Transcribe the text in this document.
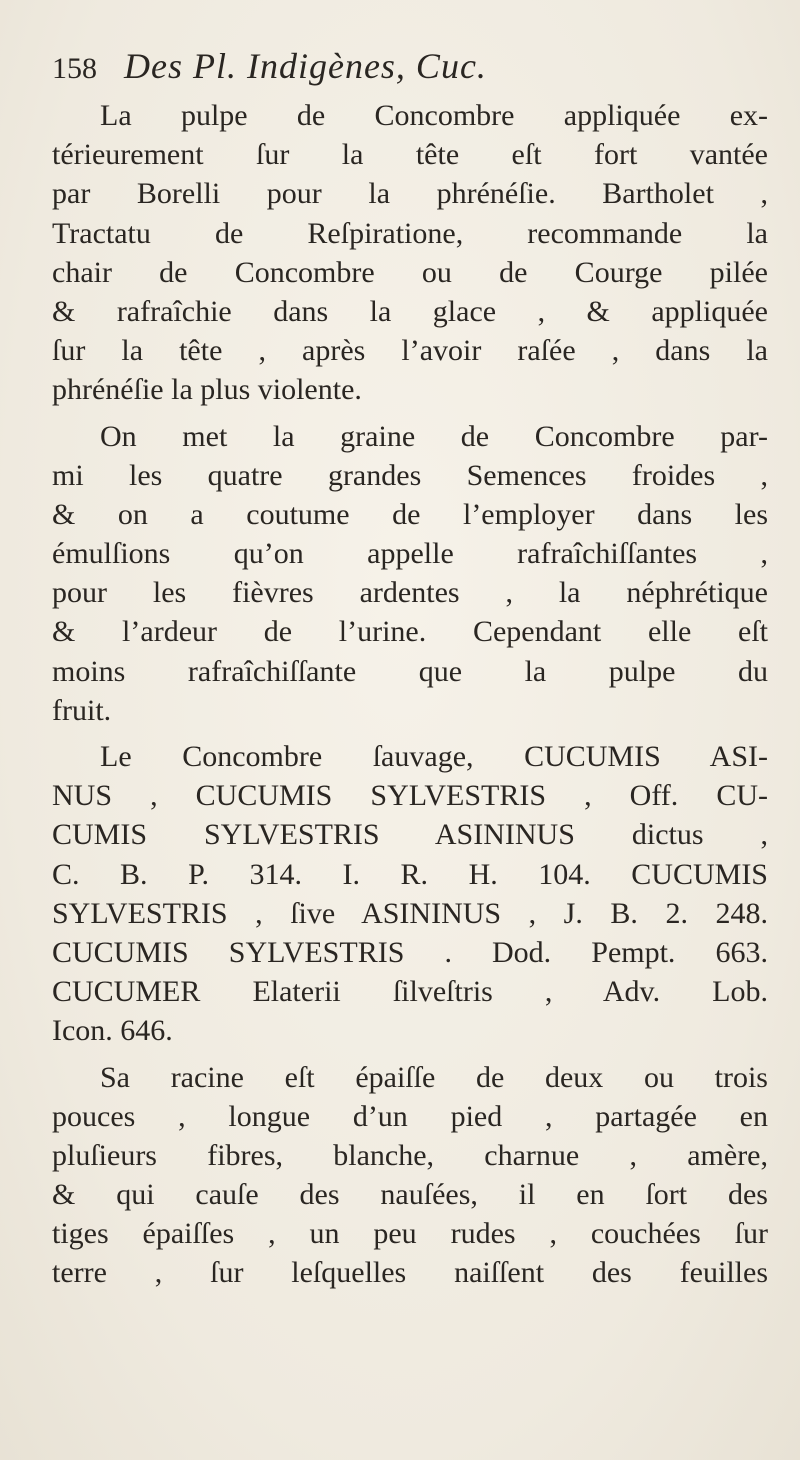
158 Des Pl. Indigènes, Cuc.
La pulpe de Concombre appliquée ex-
térieurement ſur la tête eſt fort vantée
par Borelli pour la phrénéſie. Bartholet ,
Tractatu de Reſpiratione, recommande la
chair de Concombre ou de Courge pilée
& rafraîchie dans la glace , & appliquée
ſur la tête , après l’avoir raſée , dans la
phrénéſie la plus violente.
On met la graine de Concombre par-
mi les quatre grandes Semences froides ,
& on a coutume de l’employer dans les
émulſions qu’on appelle rafraîchiſſantes ,
pour les fièvres ardentes , la néphrétique
& l’ardeur de l’urine. Cependant elle eſt
moins rafraîchiſſante que la pulpe du
fruit.
Le Concombre ſauvage, CUCUMIS ASI-
NUS , CUCUMIS SYLVESTRIS , Off. CU-
CUMIS SYLVESTRIS ASININUS dictus ,
C. B. P. 314. I. R. H. 104. CUCUMIS
SYLVESTRIS , ſive ASININUS , J. B. 2. 248.
CUCUMIS SYLVESTRIS . Dod. Pempt. 663.
CUCUMER Elaterii ſilveſtris , Adv. Lob.
Icon. 646.
Sa racine eſt épaiſſe de deux ou trois
pouces , longue d’un pied , partagée en
pluſieurs fibres, blanche, charnue , amère,
& qui cauſe des nauſées, il en ſort des
tiges épaiſſes , un peu rudes , couchées ſur
terre , ſur leſquelles naiſſent des feuilles
